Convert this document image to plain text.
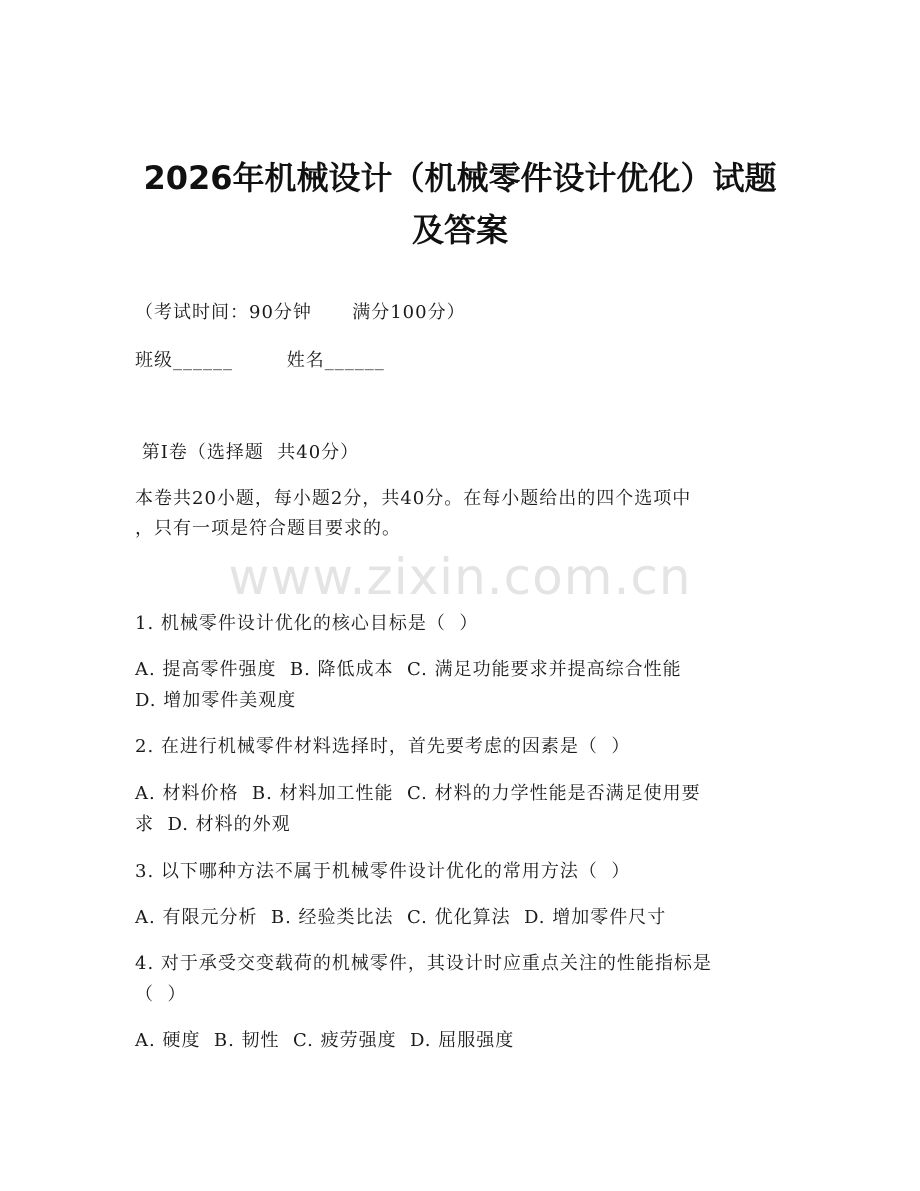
2026年机械设计（机械零件设计优化）试题
及答案
（考试时间：90分钟      满分100分）
班级______        姓名______
第Ⅰ卷（选择题  共40分）
本卷共20小题，每小题2分，共40分。在每小题给出的四个选项中
，只有一项是符合题目要求的。
www.zixin.com.cn
1. 机械零件设计优化的核心目标是（  ）
A. 提高零件强度  B. 降低成本  C. 满足功能要求并提高综合性能
D. 增加零件美观度
2. 在进行机械零件材料选择时，首先要考虑的因素是（  ）
A. 材料价格  B. 材料加工性能  C. 材料的力学性能是否满足使用要
求  D. 材料的外观
3. 以下哪种方法不属于机械零件设计优化的常用方法（  ）
A. 有限元分析  B. 经验类比法  C. 优化算法  D. 增加零件尺寸
4. 对于承受交变载荷的机械零件，其设计时应重点关注的性能指标是
（  ）
A. 硬度  B. 韧性  C. 疲劳强度  D. 屈服强度
